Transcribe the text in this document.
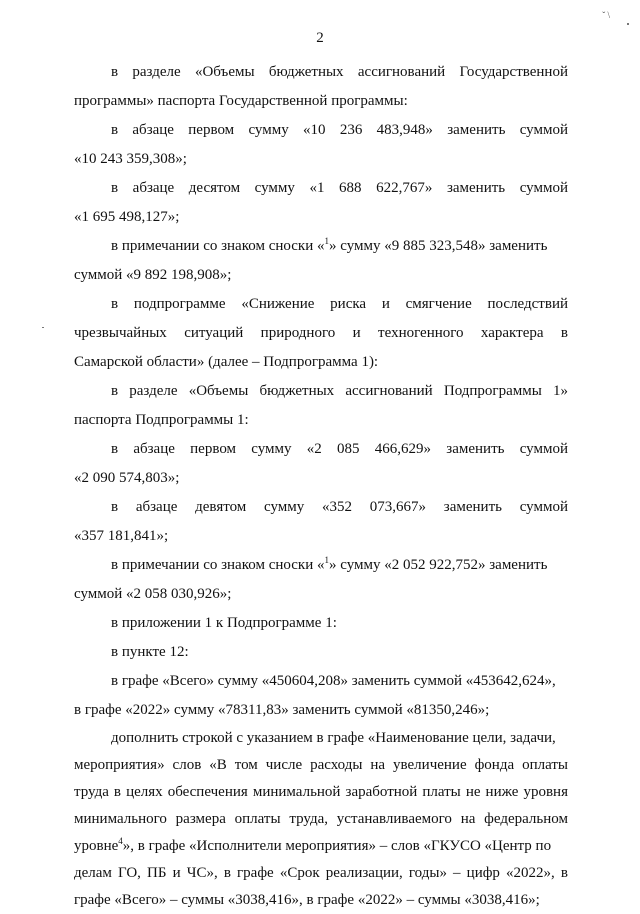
ˇ \
2
в разделе «Объемы бюджетных ассигнований Государственной
программы» паспорта Государственной программы:
в абзаце первом сумму «10 236 483,948» заменить суммой
«10 243 359,308»;
в абзаце десятом сумму «1 688 622,767» заменить суммой
«1 695 498,127»;
в примечании со знаком сноски «$^1$» сумму «9 885 323,548» заменить
суммой «9 892 198,908»;
в подпрограмме «Снижение риска и смягчение последствий
чрезвычайных ситуаций природного и техногенного характера в
Самарской области» (далее – Подпрограмма 1):
в разделе «Объемы бюджетных ассигнований Подпрограммы 1»
паспорта Подпрограммы 1:
в абзаце первом сумму «2 085 466,629» заменить суммой
«2 090 574,803»;
в абзаце девятом сумму «352 073,667» заменить суммой
«357 181,841»;
в примечании со знаком сноски «$^1$» сумму «2 052 922,752» заменить
суммой «2 058 030,926»;
в приложении 1 к Подпрограмме 1:
в пункте 12:
в графе «Всего» сумму «450604,208» заменить суммой «453642,624»,
в графе «2022» сумму «78311,83» заменить суммой «81350,246»;
дополнить строкой с указанием в графе «Наименование цели, задачи,
мероприятия» слов «В том числе расходы на увеличение фонда оплаты
труда в целях обеспечения минимальной заработной платы не ниже уровня
минимального размера оплаты труда, устанавливаемого на федеральном
уровне$^4$», в графе «Исполнители мероприятия» – слов «ГКУСО «Центр по
делам ГО, ПБ и ЧС», в графе «Срок реализации, годы» – цифр «2022», в
графе «Всего» – суммы «3038,416», в графе «2022» – суммы «3038,416»;
